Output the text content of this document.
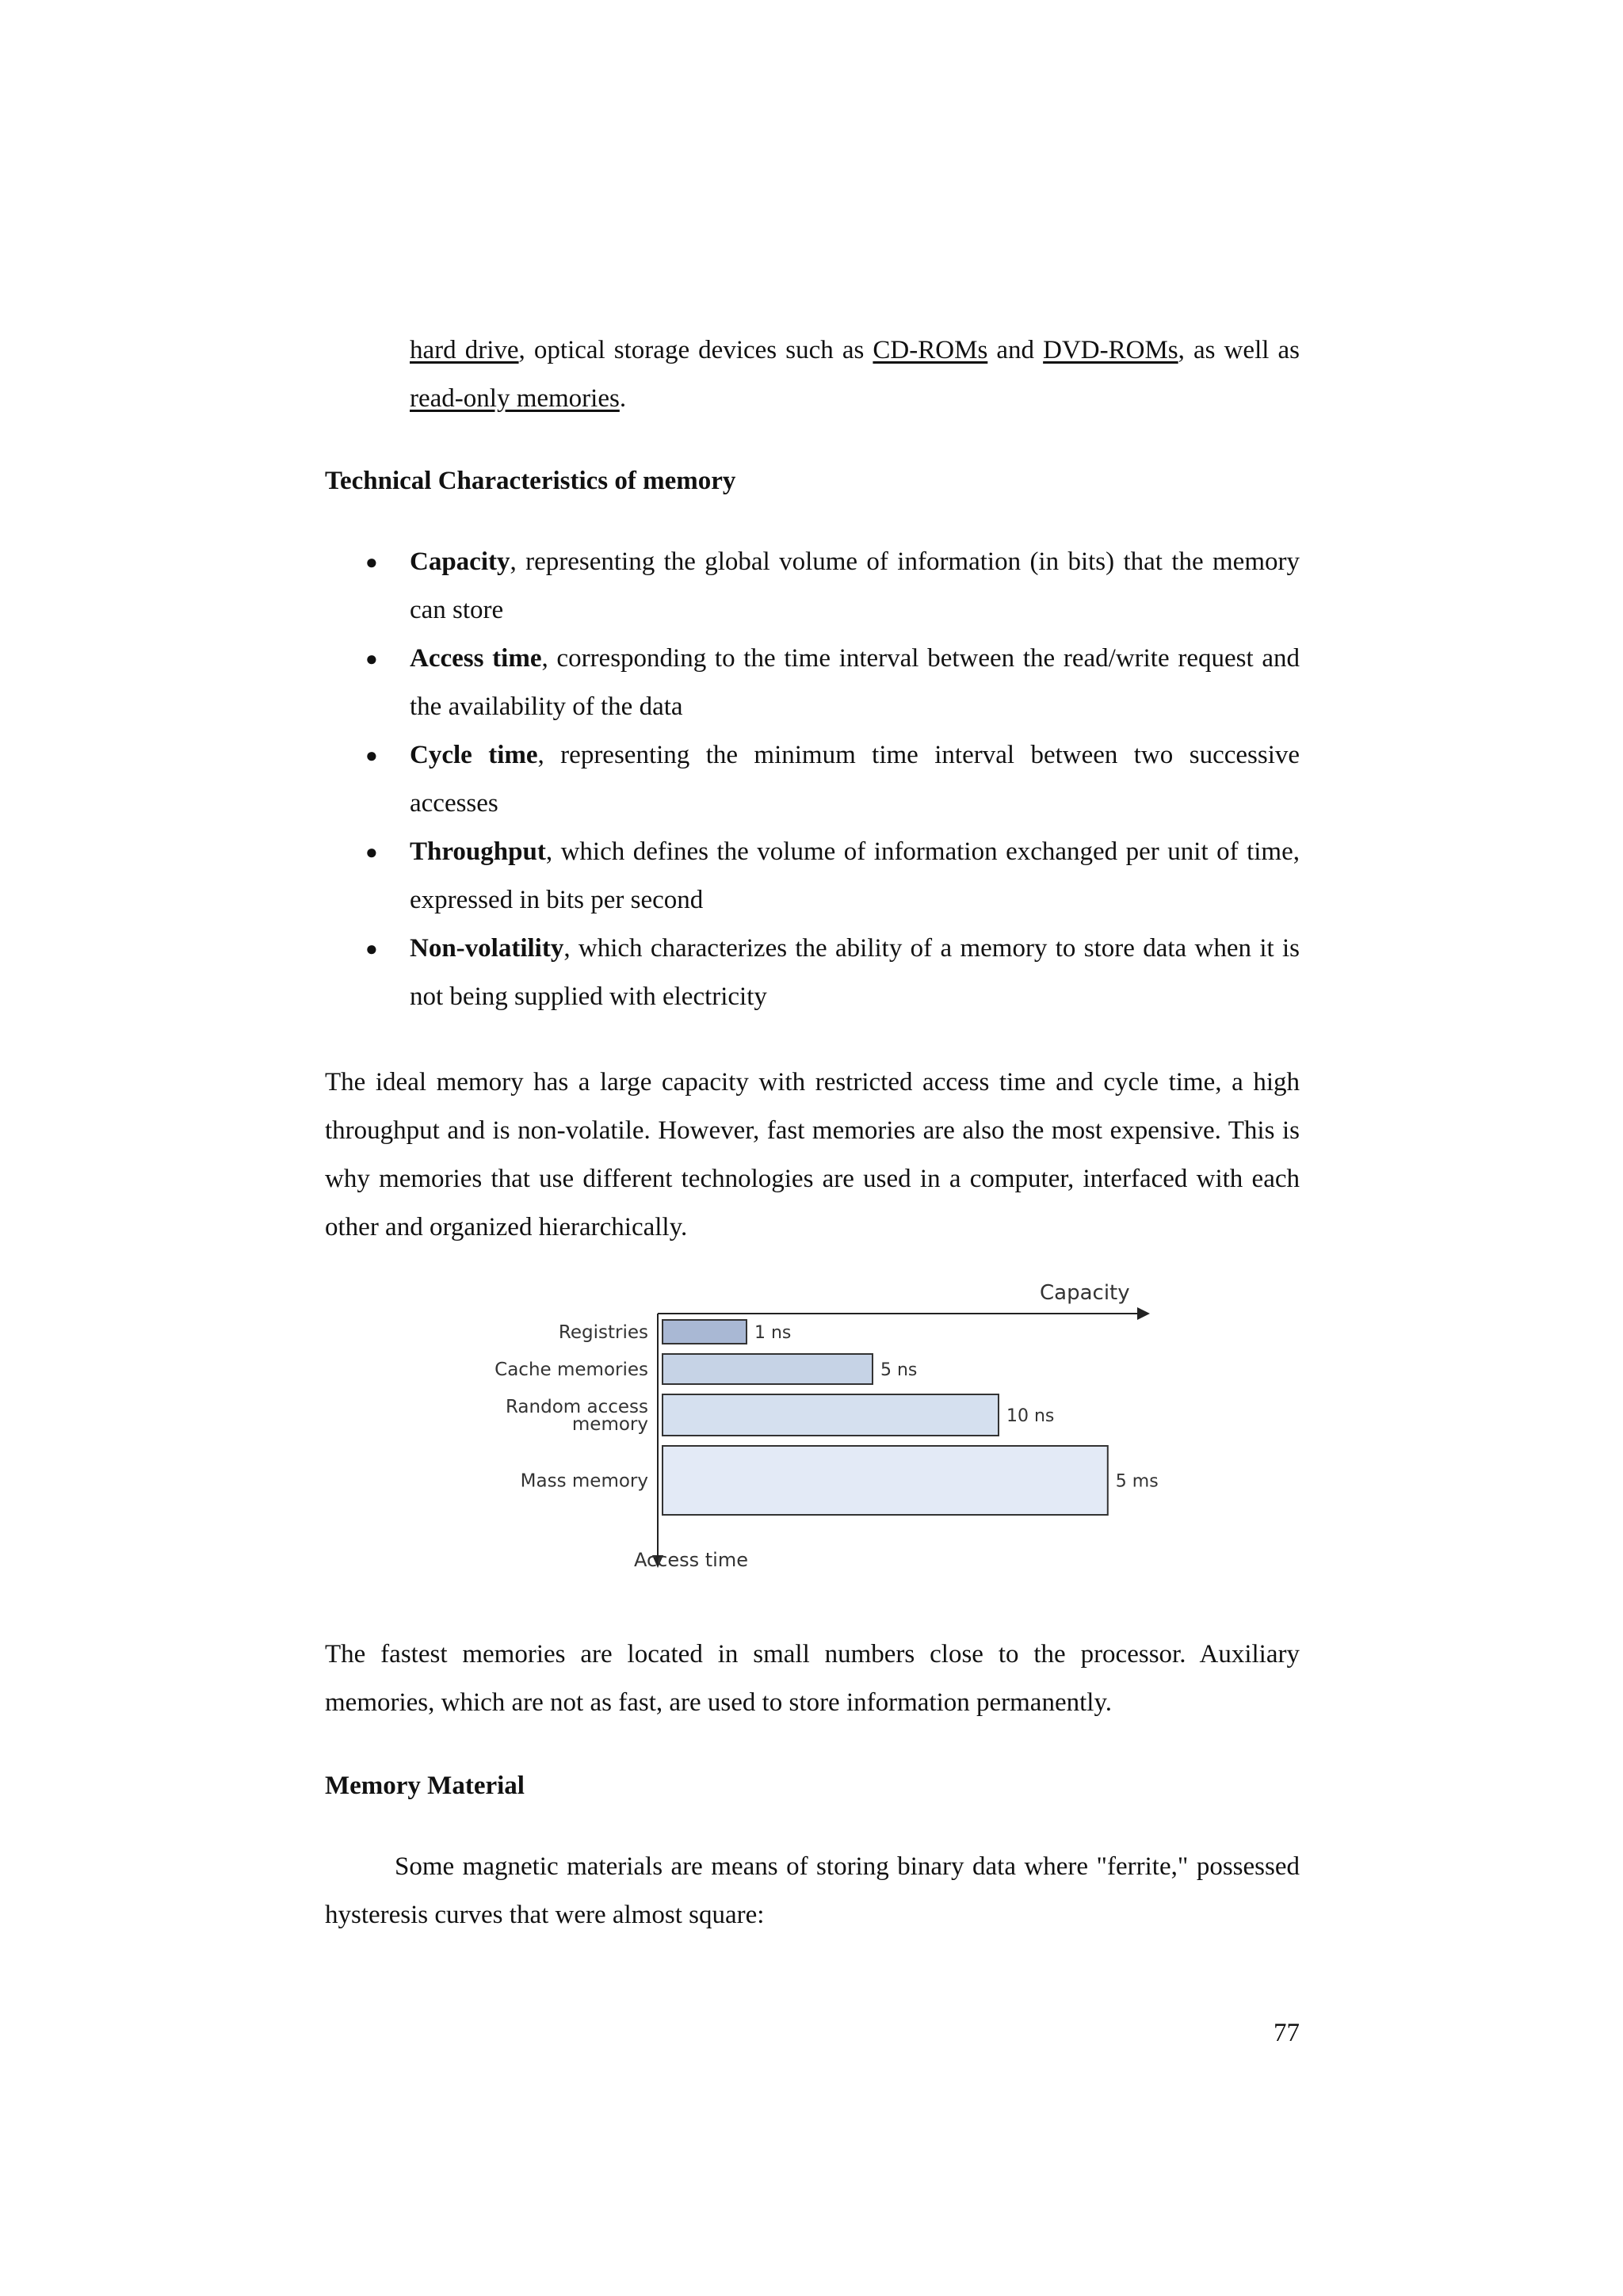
hard drive, optical storage devices such as CD-ROMs and DVD-ROMs, as well as read-only memories.
Technical Characteristics of memory
● Capacity, representing the global volume of information (in bits) that the memory can store
● Access time, corresponding to the time interval between the read/write request and the availability of the data
● Cycle time, representing the minimum time interval between two successive accesses
● Throughput, which defines the volume of information exchanged per unit of time, expressed in bits per second
● Non-volatility, which characterizes the ability of a memory to store data when it is not being supplied with electricity
The ideal memory has a large capacity with restricted access time and cycle time, a high throughput and is non-volatile. However, fast memories are also the most expensive. This is why memories that use different technologies are used in a computer, interfaced with each other and organized hierarchically.
Capacity
Access time
1 ns
Registries
5 ns
Cache memories
10 ns
Random access
memory
5 ms
Mass memory
The fastest memories are located in small numbers close to the processor. Auxiliary memories, which are not as fast, are used to store information permanently.
Memory Material
Some magnetic materials are means of storing binary data where "ferrite," possessed hysteresis curves that were almost square:
77
